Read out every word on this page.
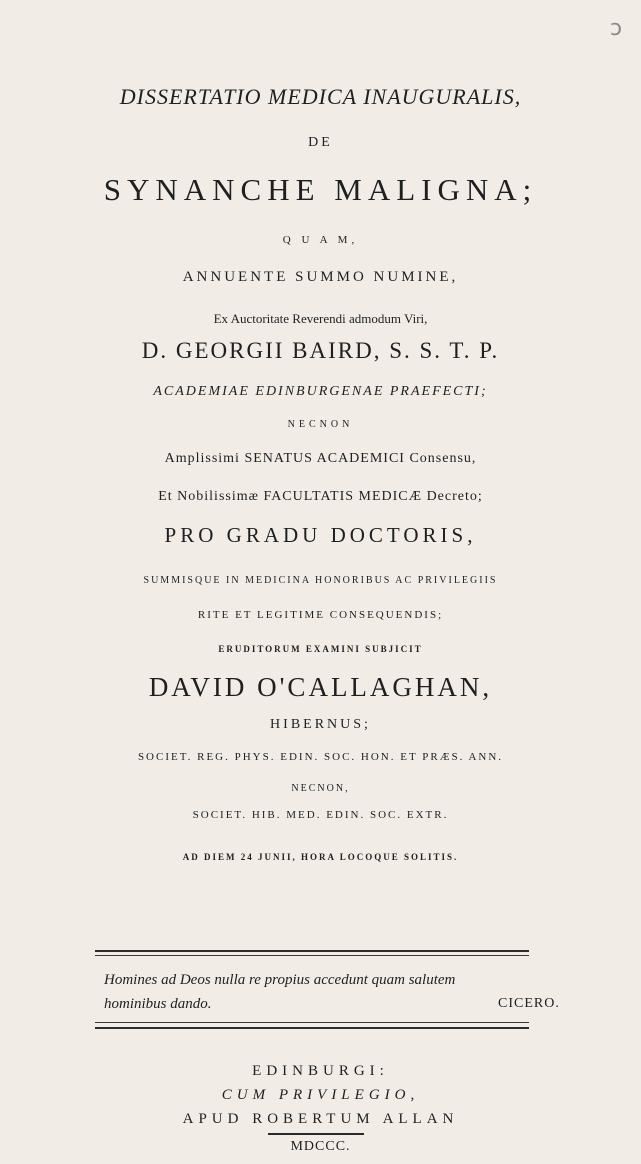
ɔ
DISSERTATIO MEDICA INAUGURALIS,
DE
SYNANCHE MALIGNA;
Q U A M,
ANNUENTE SUMMO NUMINE,
Ex Auctoritate Reverendi admodum Viri,
D. GEORGII BAIRD, S. S. T. P.
ACADEMIAE EDINBURGENAE PRAEFECTI;
NECNON
Amplissimi SENATUS ACADEMICI Consensu,
Et Nobilissimæ FACULTATIS MEDICÆ Decreto;
PRO GRADU DOCTORIS,
SUMMISQUE IN MEDICINA HONORIBUS AC PRIVILEGIIS
RITE ET LEGITIME CONSEQUENDIS;
ERUDITORUM EXAMINI SUBJICIT
DAVID O'CALLAGHAN,
HIBERNUS;
SOCIET. REG. PHYS. EDIN. SOC. HON. ET PRÆS. ANN.
NECNON,
SOCIET. HIB. MED. EDIN. SOC. EXTR.
AD DIEM 24 JUNII, HORA LOCOQUE SOLITIS.
Homines ad Deos nulla re propius accedunt quam salutem
hominibus dando.	CICERO.
EDINBURGI:
CUM PRIVILEGIO,
APUD ROBERTUM ALLAN
MDCCC.
